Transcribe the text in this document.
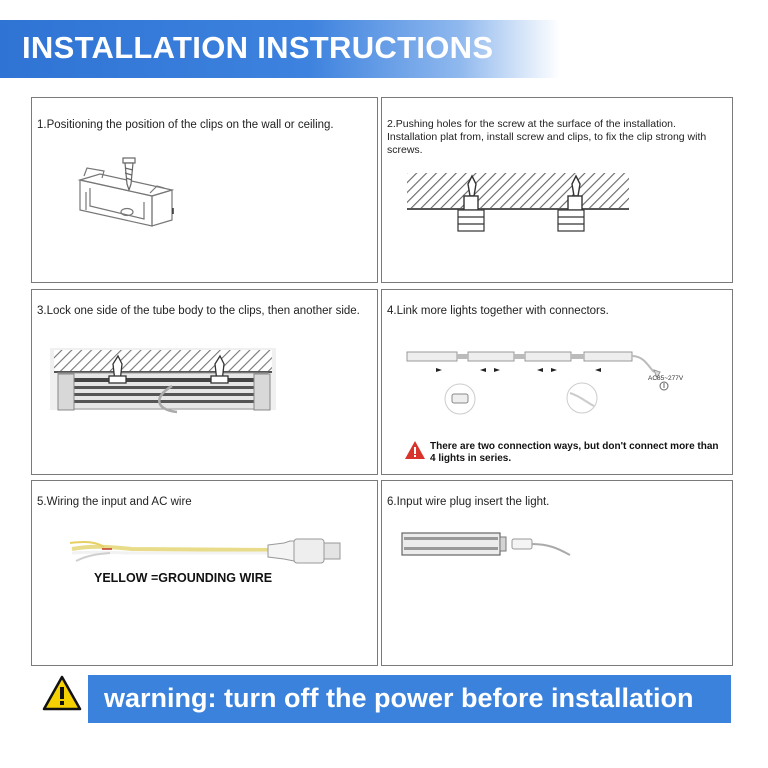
INSTALLATION INSTRUCTIONS

1.Positioning the position of the clips on the wall or ceiling.	2.Pushing holes for the screw at the surface of the installation. Installation plat from, install screw and clips, to fix the clip strong with screws.

3.Lock one side of the tube body to the clips, then another side.	4.Link more lights together with connectors.

AC85~277V

There are two connection ways, but don't connect more than 4 lights in series.

5.Wiring the input and AC wire

YELLOW =GROUNDING WIRE

6.Input wire plug insert the light.

warning: turn off the power before installation
